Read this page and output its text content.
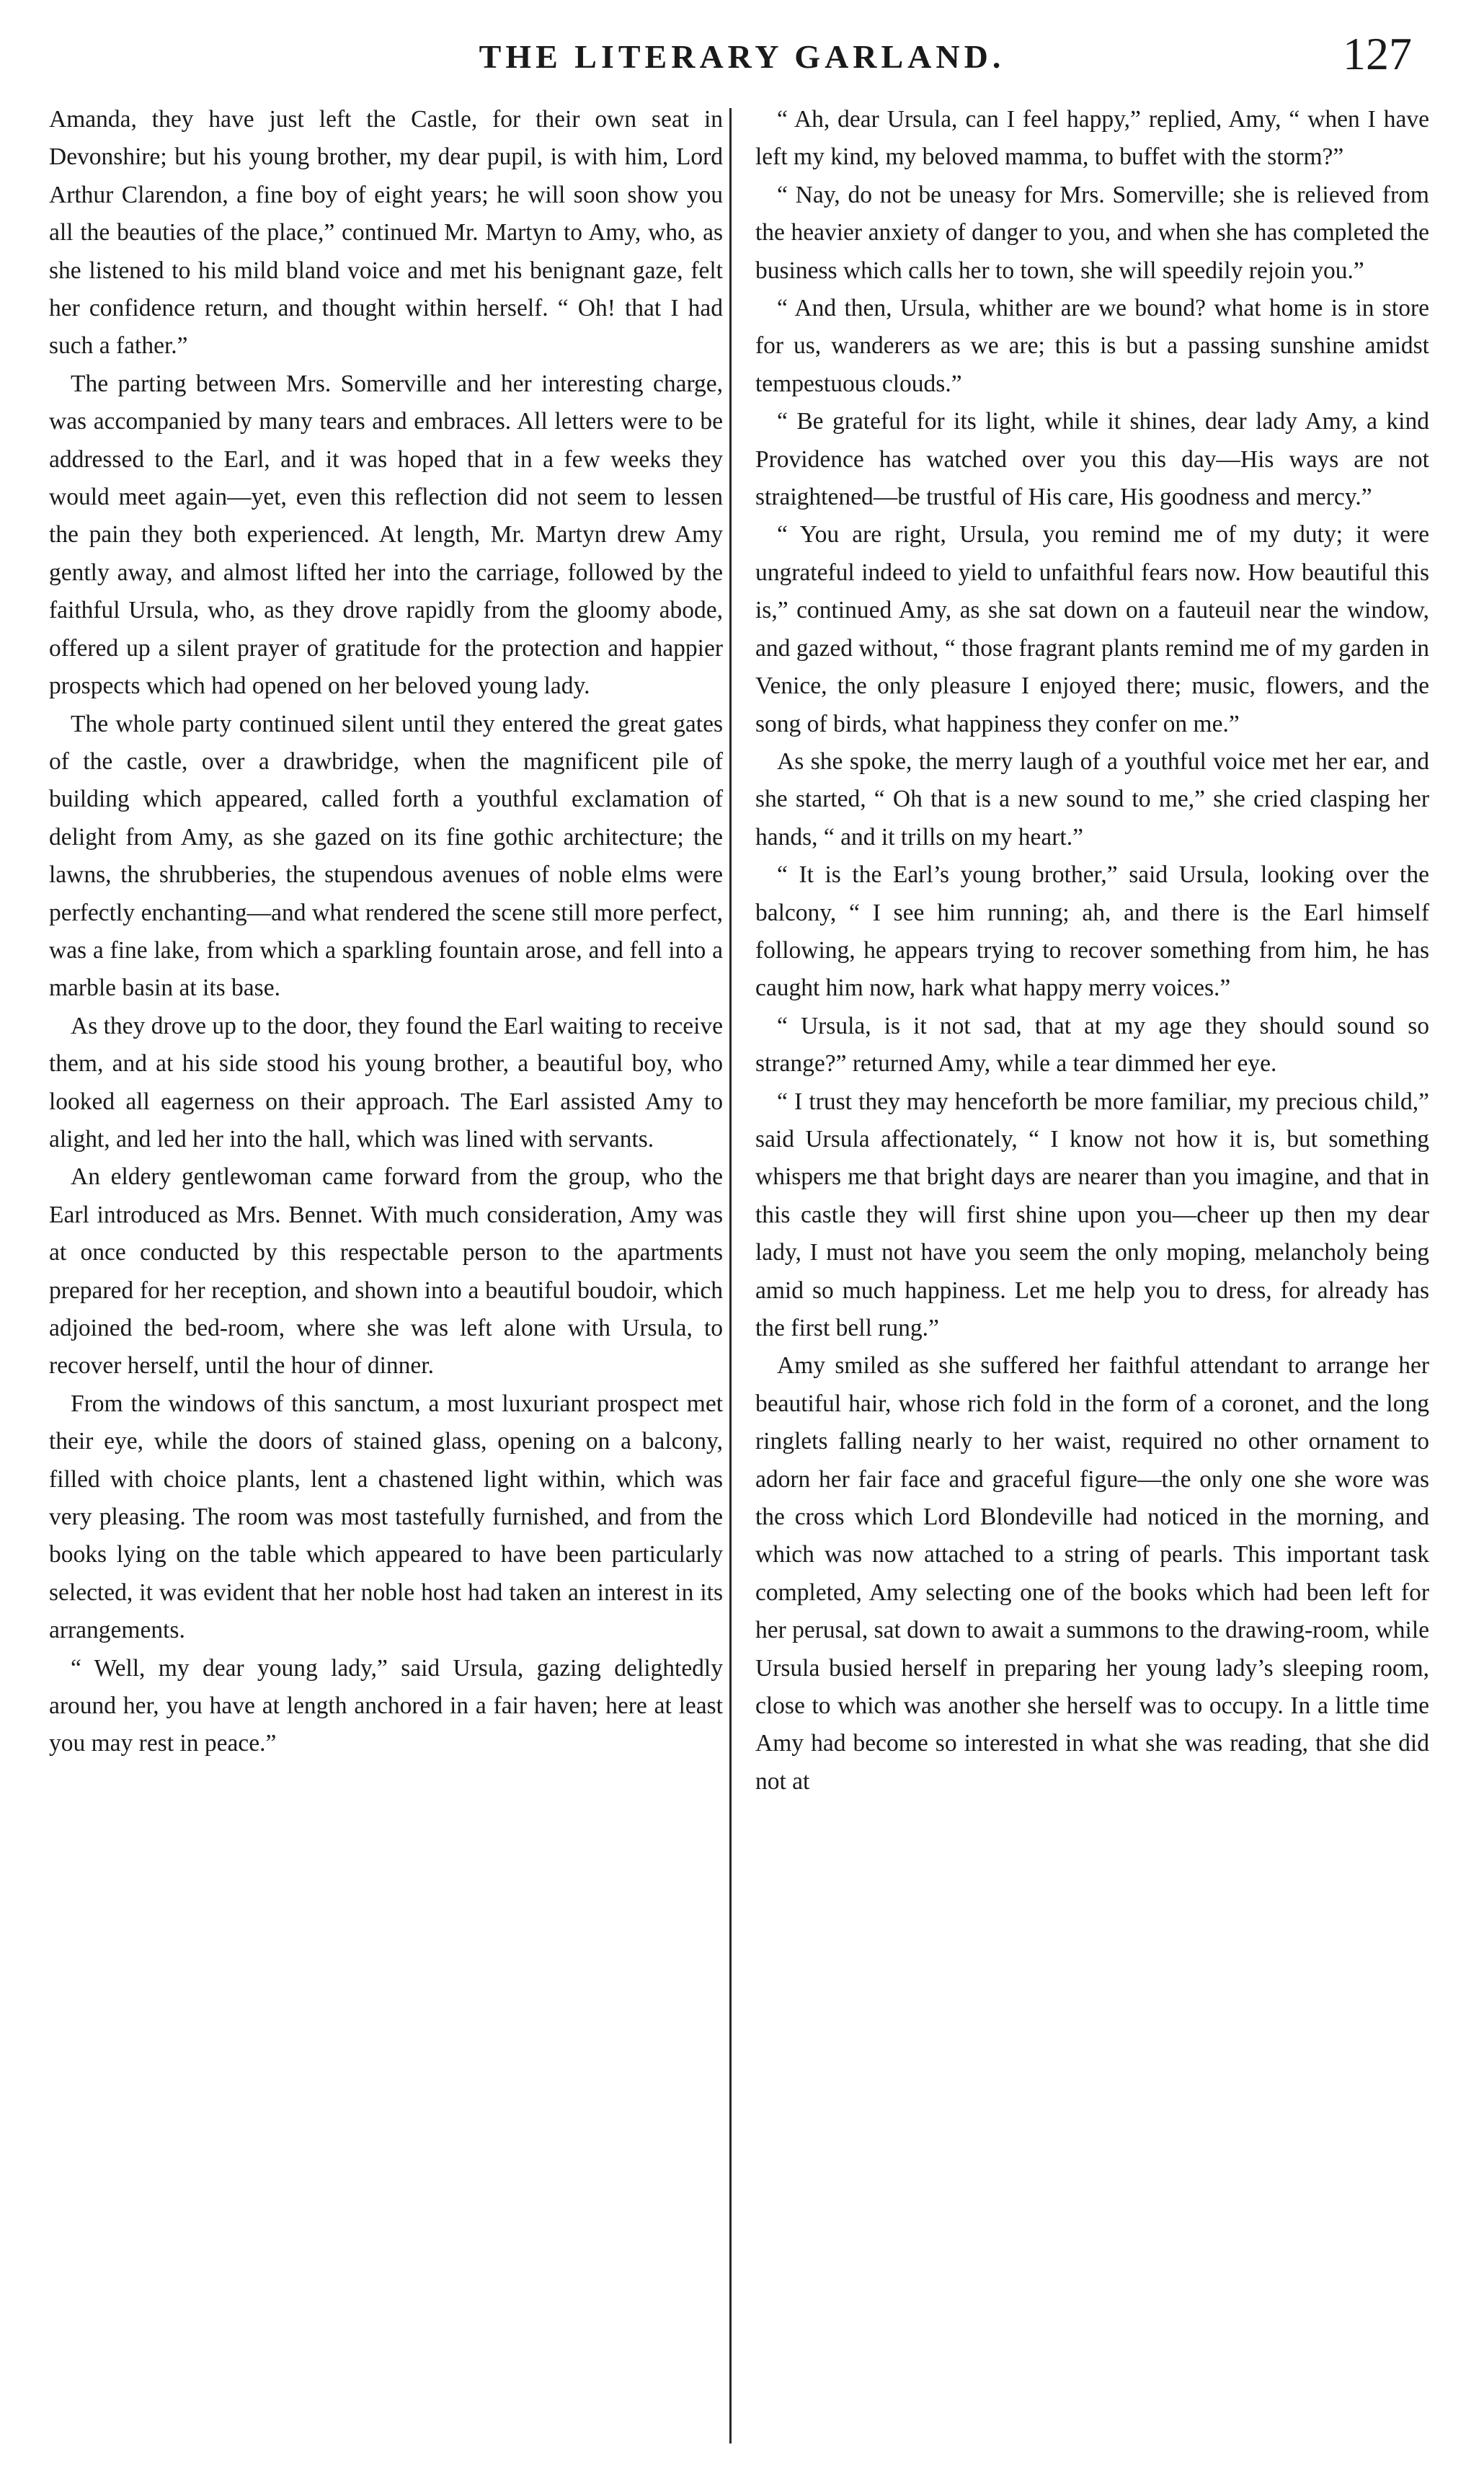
THE LITERARY GARLAND.	127

Amanda, they have just left the Castle, for their own seat in Devonshire; but his young brother, my dear pupil, is with him, Lord Arthur Clarendon, a fine boy of eight years; he will soon show you all the beauties of the place,” continued Mr. Martyn to Amy, who, as she listened to his mild bland voice and met his benignant gaze, felt her confidence return, and thought within herself. “ Oh! that I had such a father.”

The parting between Mrs. Somerville and her interesting charge, was accompanied by many tears and embraces. All letters were to be addressed to the Earl, and it was hoped that in a few weeks they would meet again—yet, even this reflection did not seem to lessen the pain they both experienced. At length, Mr. Martyn drew Amy gently away, and almost lifted her into the carriage, followed by the faithful Ursula, who, as they drove rapidly from the gloomy abode, offered up a silent prayer of gratitude for the protection and happier prospects which had opened on her beloved young lady.

The whole party continued silent until they entered the great gates of the castle, over a drawbridge, when the magnificent pile of building which appeared, called forth a youthful exclamation of delight from Amy, as she gazed on its fine gothic architecture; the lawns, the shrubberies, the stupendous avenues of noble elms were perfectly enchanting—and what rendered the scene still more perfect, was a fine lake, from which a sparkling fountain arose, and fell into a marble basin at its base.

As they drove up to the door, they found the Earl waiting to receive them, and at his side stood his young brother, a beautiful boy, who looked all eagerness on their approach. The Earl assisted Amy to alight, and led her into the hall, which was lined with servants.

An eldery gentlewoman came forward from the group, who the Earl introduced as Mrs. Bennet. With much consideration, Amy was at once conducted by this respectable person to the apartments prepared for her reception, and shown into a beautiful boudoir, which adjoined the bed-room, where she was left alone with Ursula, to recover herself, until the hour of dinner.

From the windows of this sanctum, a most luxuriant prospect met their eye, while the doors of stained glass, opening on a balcony, filled with choice plants, lent a chastened light within, which was very pleasing. The room was most tastefully furnished, and from the books lying on the table which appeared to have been particularly selected, it was evident that her noble host had taken an interest in its arrangements.

“ Well, my dear young lady,” said Ursula, gazing delightedly around her, you have at length anchored in a fair haven; here at least you may rest in peace.”

“ Ah, dear Ursula, can I feel happy,” replied, Amy, “ when I have left my kind, my beloved mamma, to buffet with the storm?”

“ Nay, do not be uneasy for Mrs. Somerville; she is relieved from the heavier anxiety of danger to you, and when she has completed the business which calls her to town, she will speedily rejoin you.”

“ And then, Ursula, whither are we bound? what home is in store for us, wanderers as we are; this is but a passing sunshine amidst tempestuous clouds.”

“ Be grateful for its light, while it shines, dear lady Amy, a kind Providence has watched over you this day—His ways are not straightened—be trustful of His care, His goodness and mercy.”

“ You are right, Ursula, you remind me of my duty; it were ungrateful indeed to yield to unfaithful fears now. How beautiful this is,” continued Amy, as she sat down on a fauteuil near the window, and gazed without, “ those fragrant plants remind me of my garden in Venice, the only pleasure I enjoyed there; music, flowers, and the song of birds, what happiness they confer on me.”

As she spoke, the merry laugh of a youthful voice met her ear, and she started, “ Oh that is a new sound to me,” she cried clasping her hands, “ and it trills on my heart.”

“ It is the Earl’s young brother,” said Ursula, looking over the balcony, “ I see him running; ah, and there is the Earl himself following, he appears trying to recover something from him, he has caught him now, hark what happy merry voices.”

“ Ursula, is it not sad, that at my age they should sound so strange?” returned Amy, while a tear dimmed her eye.

“ I trust they may henceforth be more familiar, my precious child,” said Ursula affectionately, “ I know not how it is, but something whispers me that bright days are nearer than you imagine, and that in this castle they will first shine upon you—cheer up then my dear lady, I must not have you seem the only moping, melancholy being amid so much happiness. Let me help you to dress, for already has the first bell rung.”

Amy smiled as she suffered her faithful attendant to arrange her beautiful hair, whose rich fold in the form of a coronet, and the long ringlets falling nearly to her waist, required no other ornament to adorn her fair face and graceful figure—the only one she wore was the cross which Lord Blondeville had noticed in the morning, and which was now attached to a string of pearls. This important task completed, Amy selecting one of the books which had been left for her perusal, sat down to await a summons to the drawing-room, while Ursula busied herself in preparing her young lady’s sleeping room, close to which was another she herself was to occupy. In a little time Amy had become so interested in what she was reading, that she did not at
